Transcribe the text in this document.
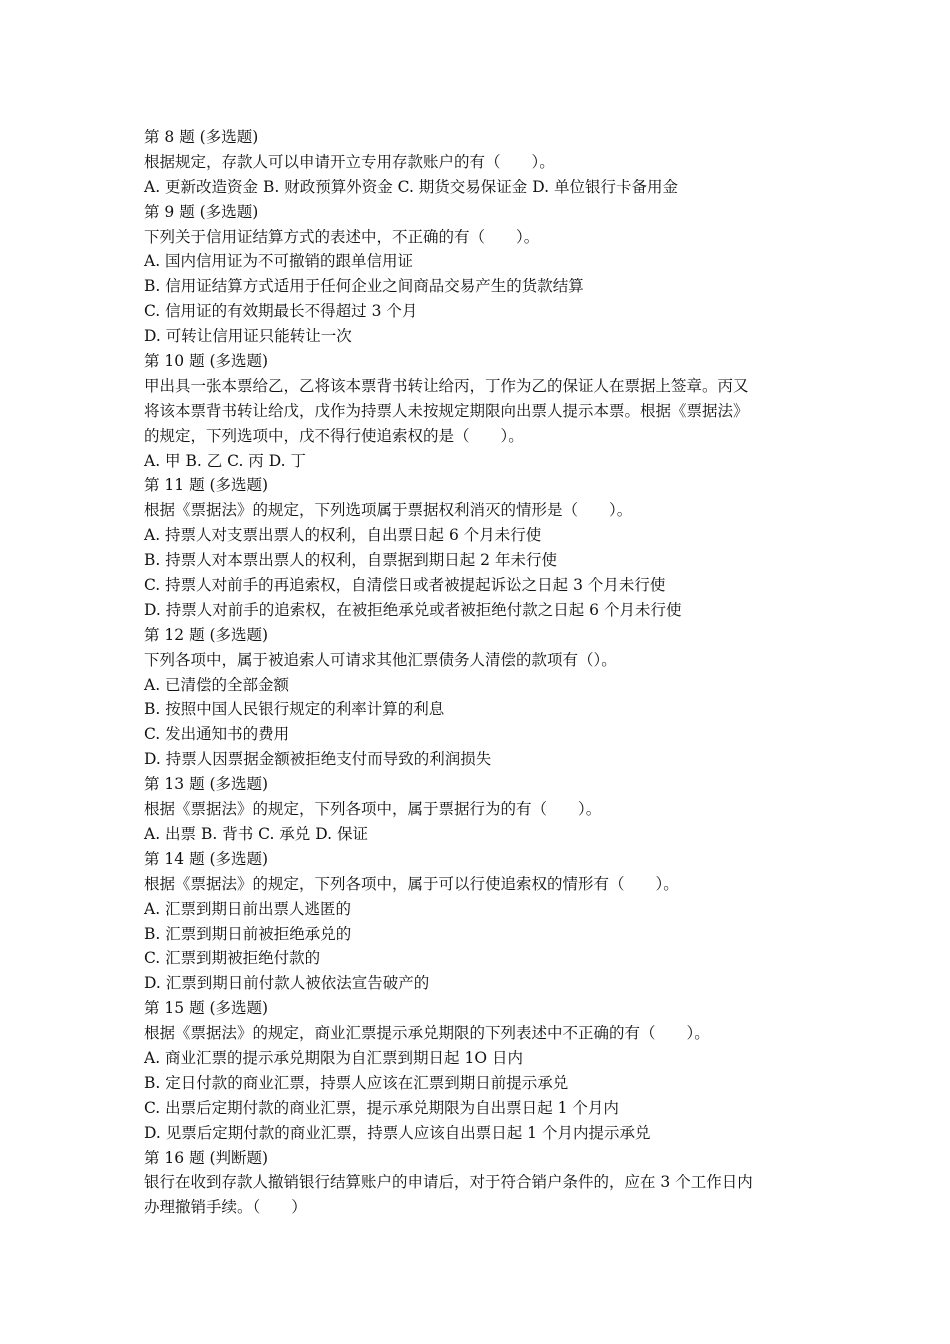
第 8 题 (多选题)
根据规定，存款人可以申请开立专用存款账户的有（　　）。
A. 更新改造资金 B. 财政预算外资金 C. 期货交易保证金 D. 单位银行卡备用金
第 9 题 (多选题)
下列关于信用证结算方式的表述中，不正确的有（　　）。
A. 国内信用证为不可撤销的跟单信用证
B. 信用证结算方式适用于任何企业之间商品交易产生的货款结算
C. 信用证的有效期最长不得超过 3 个月
D. 可转让信用证只能转让一次
第 10 题 (多选题)
甲出具一张本票给乙，乙将该本票背书转让给丙，丁作为乙的保证人在票据上签章。丙又
将该本票背书转让给戊，戊作为持票人未按规定期限向出票人提示本票。根据《票据法》
的规定，下列选项中，戊不得行使追索权的是（　　）。
A. 甲 B. 乙 C. 丙 D. 丁
第 11 题 (多选题)
根据《票据法》的规定，下列选项属于票据权利消灭的情形是（　　）。
A. 持票人对支票出票人的权利，自出票日起 6 个月未行使
B. 持票人对本票出票人的权利，自票据到期日起 2 年未行使
C. 持票人对前手的再追索权，自清偿日或者被提起诉讼之日起 3 个月未行使
D. 持票人对前手的追索权，在被拒绝承兑或者被拒绝付款之日起 6 个月未行使
第 12 题 (多选题)
下列各项中，属于被追索人可请求其他汇票债务人清偿的款项有（）。
A. 已清偿的全部金额
B. 按照中国人民银行规定的利率计算的利息
C. 发出通知书的费用
D. 持票人因票据金额被拒绝支付而导致的利润损失
第 13 题 (多选题)
根据《票据法》的规定，下列各项中，属于票据行为的有（　　）。
A. 出票 B. 背书 C. 承兑 D. 保证
第 14 题 (多选题)
根据《票据法》的规定，下列各项中，属于可以行使追索权的情形有（　　）。
A. 汇票到期日前出票人逃匿的
B. 汇票到期日前被拒绝承兑的
C. 汇票到期被拒绝付款的
D. 汇票到期日前付款人被依法宣告破产的
第 15 题 (多选题)
根据《票据法》的规定，商业汇票提示承兑期限的下列表述中不正确的有（　　）。
A. 商业汇票的提示承兑期限为自汇票到期日起 1O 日内
B. 定日付款的商业汇票，持票人应该在汇票到期日前提示承兑
C. 出票后定期付款的商业汇票，提示承兑期限为自出票日起 1 个月内
D. 见票后定期付款的商业汇票，持票人应该自出票日起 1 个月内提示承兑
第 16 题 (判断题)
银行在收到存款人撤销银行结算账户的申请后，对于符合销户条件的，应在 3 个工作日内
办理撤销手续。（　　）
